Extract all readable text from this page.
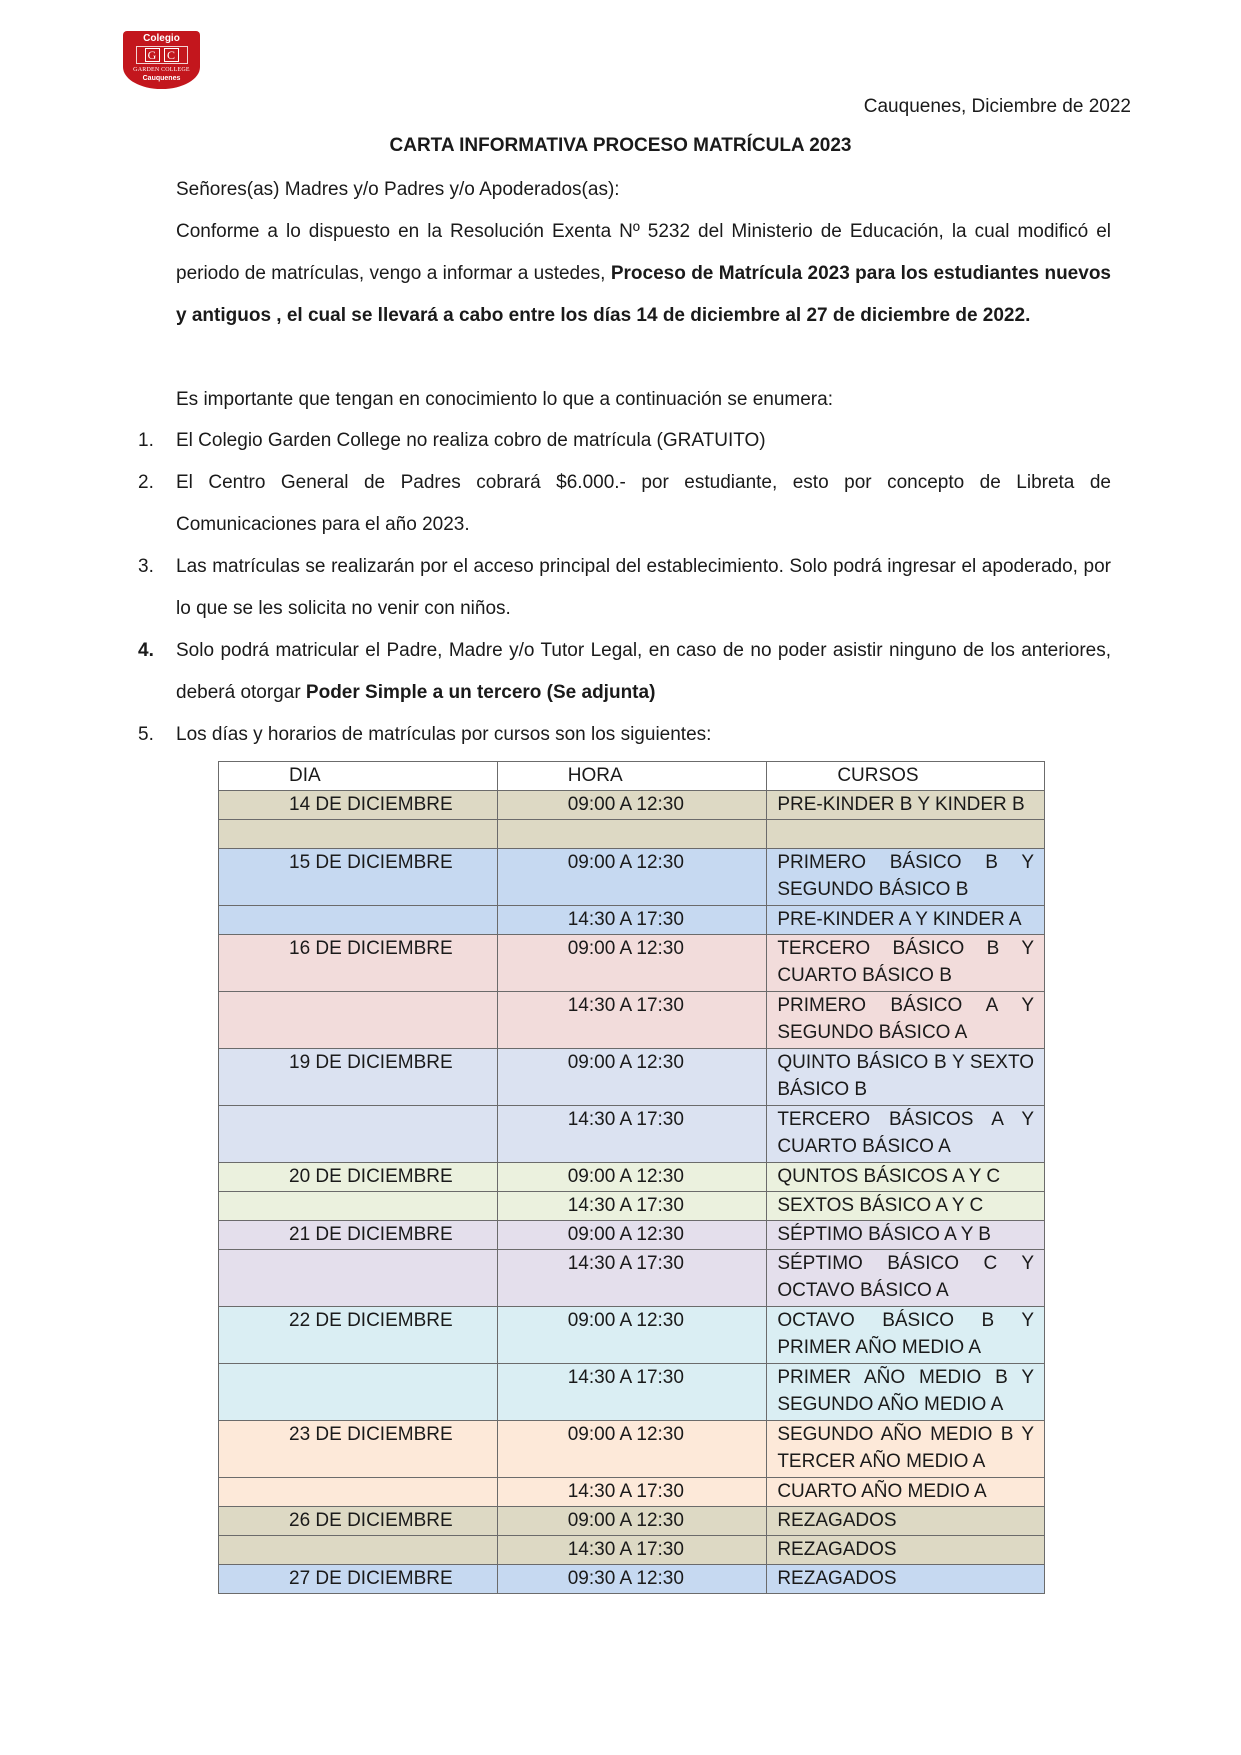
Colegio
G C
GARDEN COLLEGE
Cauquenes
Cauquenes, Diciembre de 2022
CARTA INFORMATIVA PROCESO MATRÍCULA 2023
Señores(as) Madres y/o Padres y/o Apoderados(as):
Conforme a lo dispuesto en la Resolución Exenta Nº 5232 del Ministerio de Educación, la cual modificó el periodo de matrículas, vengo a informar a ustedes, Proceso de Matrícula 2023 para los estudiantes nuevos y antiguos , el cual se llevará a cabo entre los días 14 de diciembre al 27 de diciembre de 2022.
Es importante que tengan en conocimiento lo que a continuación se enumera:
1. El Colegio Garden College no realiza cobro de matrícula (GRATUITO)
2. El Centro General de Padres cobrará $6.000.- por estudiante, esto por concepto de Libreta de Comunicaciones para el año 2023.
3. Las matrículas se realizarán por el acceso principal del establecimiento. Solo podrá ingresar el apoderado, por lo que se les solicita no venir con niños.
4. Solo podrá matricular el Padre, Madre y/o Tutor Legal, en caso de no poder asistir ninguno de los anteriores, deberá otorgar Poder Simple a un tercero (Se adjunta)
5. Los días y horarios de matrículas por cursos son los siguientes:
DIA	HORA	CURSOS
14 DE DICIEMBRE	09:00 A 12:30	PRE-KINDER B Y KINDER B

15 DE DICIEMBRE	09:00 A 12:30	PRIMERO BÁSICO B Y SEGUNDO BÁSICO B
	14:30 A 17:30	PRE-KINDER A Y KINDER A
16 DE DICIEMBRE	09:00 A 12:30	TERCERO BÁSICO B Y CUARTO BÁSICO B
	14:30 A 17:30	PRIMERO BÁSICO A Y SEGUNDO BÁSICO A
19 DE DICIEMBRE	09:00 A 12:30	QUINTO BÁSICO B Y SEXTO BÁSICO B
	14:30 A 17:30	TERCERO BÁSICOS A Y CUARTO BÁSICO A
20 DE DICIEMBRE	09:00 A 12:30	QUNTOS BÁSICOS A Y C
	14:30 A 17:30	SEXTOS BÁSICO A Y C
21 DE DICIEMBRE	09:00 A 12:30	SÉPTIMO BÁSICO A Y B
	14:30 A 17:30	SÉPTIMO BÁSICO C Y OCTAVO BÁSICO A
22 DE DICIEMBRE	09:00 A 12:30	OCTAVO BÁSICO B Y PRIMER AÑO MEDIO A
	14:30 A 17:30	PRIMER AÑO MEDIO B Y SEGUNDO AÑO MEDIO A
23 DE DICIEMBRE	09:00 A 12:30	SEGUNDO AÑO MEDIO B Y TERCER AÑO MEDIO A
	14:30 A 17:30	CUARTO AÑO MEDIO A
26 DE DICIEMBRE	09:00 A 12:30	REZAGADOS
	14:30 A 17:30	REZAGADOS
27 DE DICIEMBRE	09:30 A 12:30	REZAGADOS
